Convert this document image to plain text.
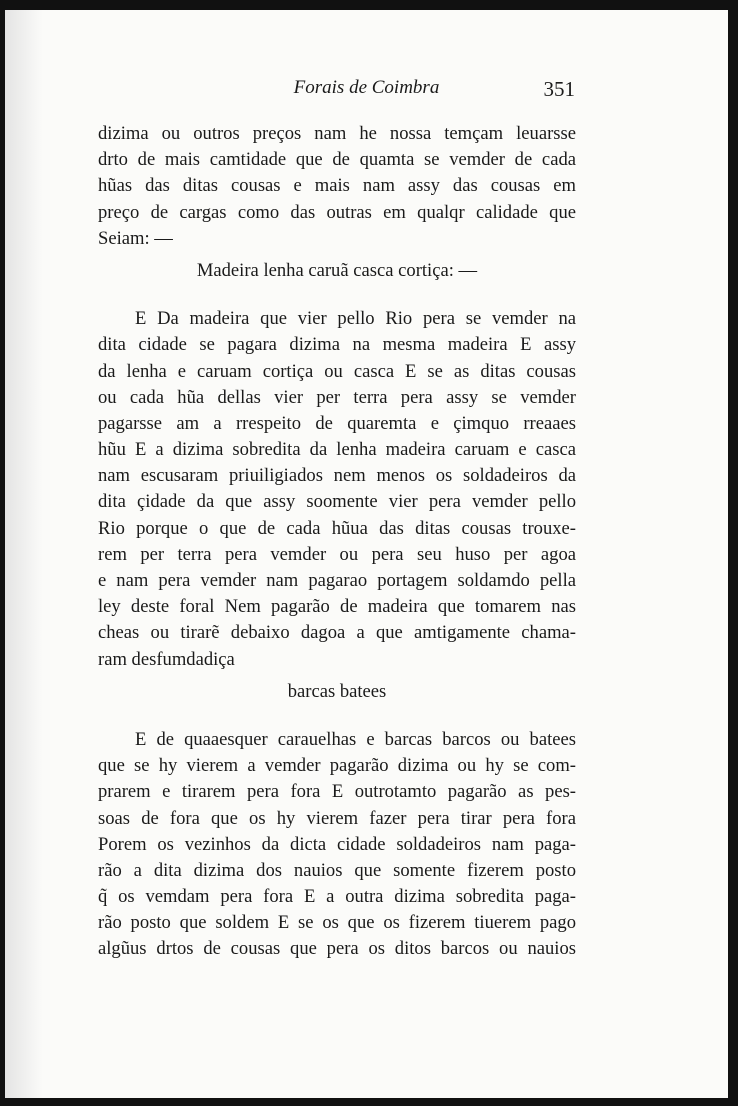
Forais de Coimbra	351
dizima ou outros preços nam he nossa temçam leuarsse
drto de mais camtidade que de quamta se vemder de cada
hũas das ditas cousas e mais nam assy das cousas em
preço de cargas como das outras em qualqr calidade que
Seiam: —
Madeira lenha caruã casca cortiça: —
E Da madeira que vier pello Rio pera se vemder na
dita cidade se pagara dizima na mesma madeira E assy
da lenha e caruam cortiça ou casca E se as ditas cousas
ou cada hũa dellas vier per terra pera assy se vemder
pagarsse am a rrespeito de quaremta e çimquo rreaaes
hũu E a dizima sobredita da lenha madeira caruam e casca
nam escusaram priuiligiados nem menos os soldadeiros da
dita çidade da que assy soomente vier pera vemder pello
Rio porque o que de cada hũua das ditas cousas trouxe-
rem per terra pera vemder ou pera seu huso per agoa
e nam pera vemder nam pagarao portagem soldamdo pella
ley deste foral Nem pagarão de madeira que tomarem nas
cheas ou tirarẽ debaixo dagoa a que amtigamente chama-
ram desfumdadiça
barcas batees
E de quaaesquer carauelhas e barcas barcos ou batees
que se hy vierem a vemder pagarão dizima ou hy se com-
prarem e tirarem pera fora E outrotamto pagarão as pes-
soas de fora que os hy vierem fazer pera tirar pera fora
Porem os vezinhos da dicta cidade soldadeiros nam paga-
rão a dita dizima dos nauios que somente fizerem posto
q̃ os vemdam pera fora E a outra dizima sobredita paga-
rão posto que soldem E se os que os fizerem tiuerem pago
algũus drtos de cousas que pera os ditos barcos ou nauios
